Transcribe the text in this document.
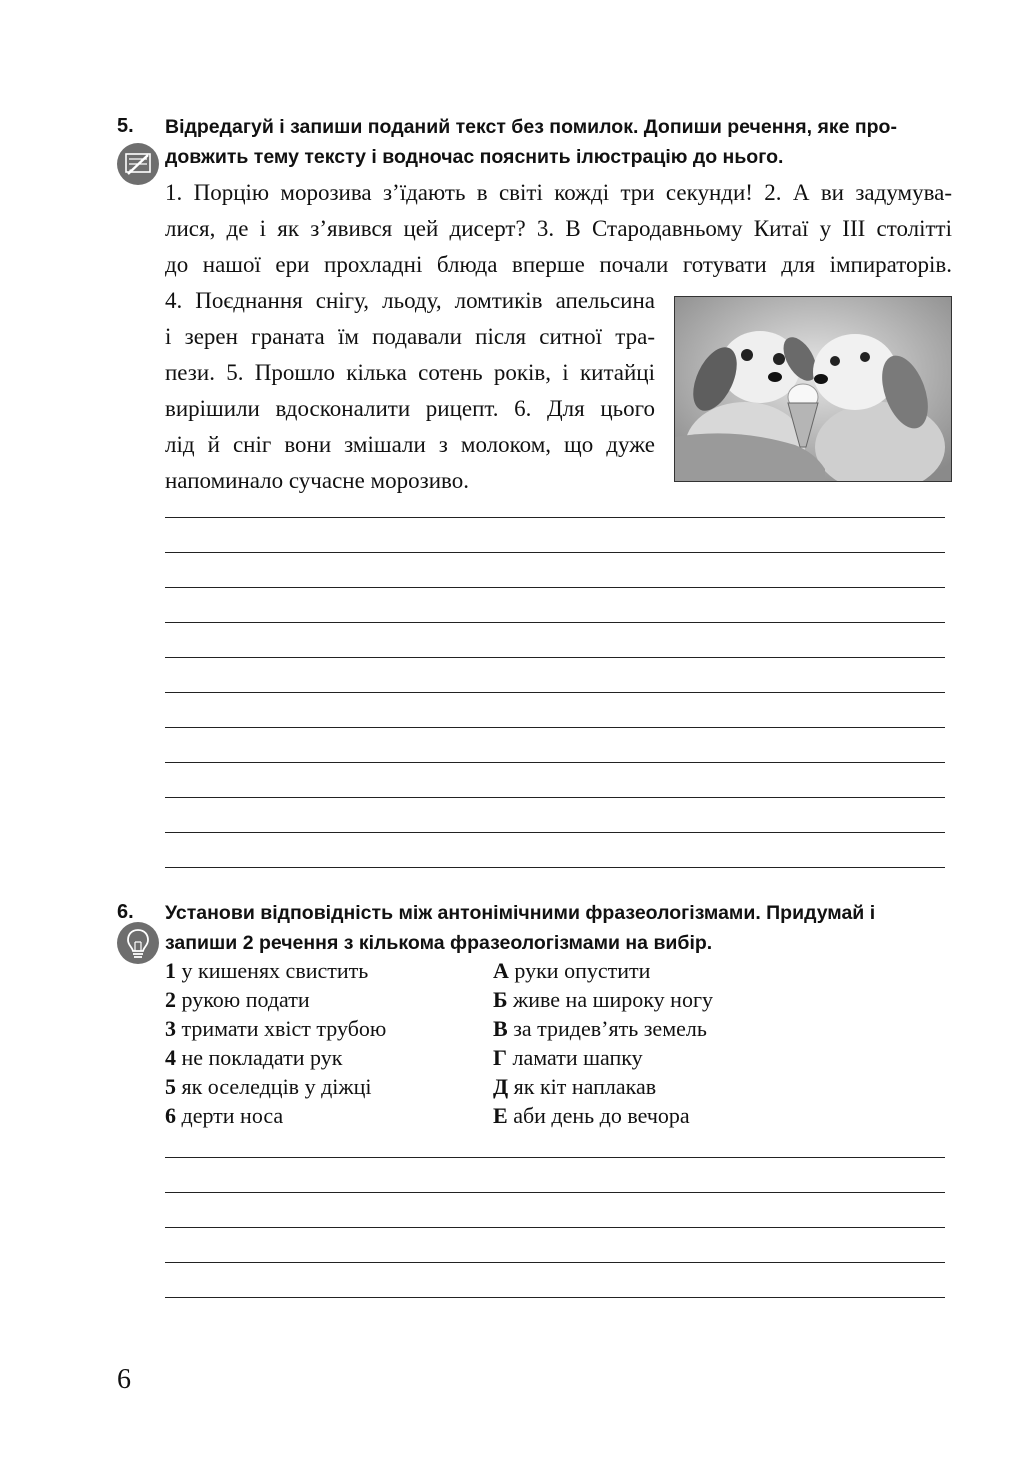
5. Відредагуй і запиши поданий текст без помилок. Допиши речення, яке про-
довжить тему тексту і водночас пояснить ілюстрацію до нього.
1. Порцію морозива з’їдають в світі кожді три секунди! 2. А ви задумува-
лися, де і як з’явився цей дисерт? 3. В Стародавньому Китаї у ІІІ столітті
до нашої ери прохладні блюда вперше почали готувати для імпираторів.
4. Поєднання снігу, льоду, ломтиків апельсина
і зерен граната їм подавали після ситної тра-
пези. 5. Прошло кілька сотень років, і китайці
вирішили вдосконалити рицепт. 6. Для цього
лід й сніг вони змішали з молоком, що дуже
напоминало сучасне морозиво.
6. Установи відповідність між антонімічними фразеологізмами. Придумай і
запиши 2 речення з кількома фразеологізмами на вибір.
1 у кишенях свистить
2 рукою подати
3 тримати хвіст трубою
4 не покладати рук
5 як оселедців у діжці
6 дерти носа
А руки опустити
Б живе на широку ногу
В за тридев’ять земель
Г ламати шапку
Д як кіт наплакав
Е аби день до вечора
6
